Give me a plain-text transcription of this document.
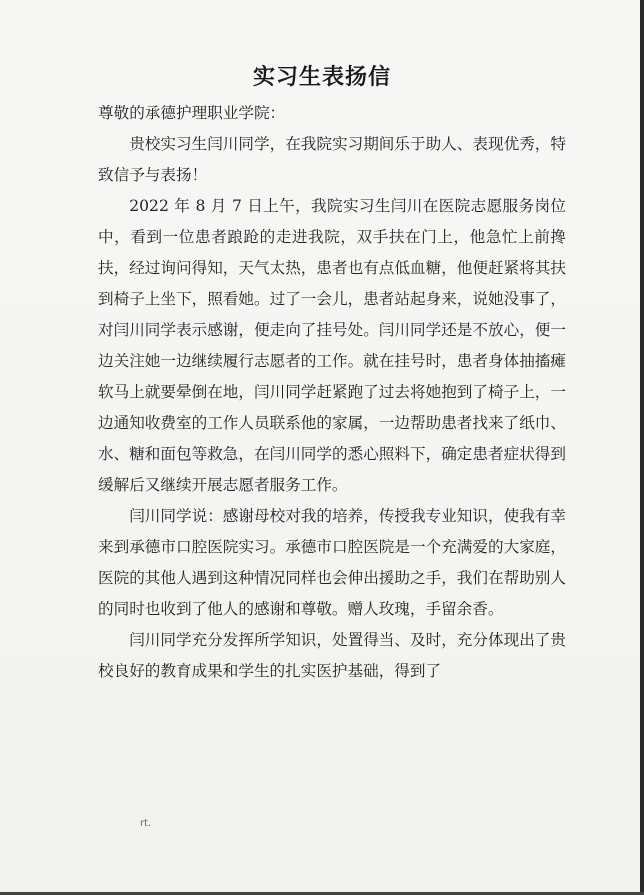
实习生表扬信

尊敬的承德护理职业学院：

贵校实习生闫川同学，在我院实习期间乐于助人、表现优秀，特致信予与表扬！

2022 年 8 月 7 日上午，我院实习生闫川在医院志愿服务岗位中，看到一位患者踉跄的走进我院，双手扶在门上，他急忙上前搀扶，经过询问得知，天气太热，患者也有点低血糖，他便赶紧将其扶到椅子上坐下，照看她。过了一会儿，患者站起身来，说她没事了，对闫川同学表示感谢，便走向了挂号处。闫川同学还是不放心，便一边关注她一边继续履行志愿者的工作。就在挂号时，患者身体抽搐瘫软马上就要晕倒在地，闫川同学赶紧跑了过去将她抱到了椅子上，一边通知收费室的工作人员联系他的家属，一边帮助患者找来了纸巾、水、糖和面包等救急，在闫川同学的悉心照料下，确定患者症状得到缓解后又继续开展志愿者服务工作。

闫川同学说：感谢母校对我的培养，传授我专业知识，使我有幸来到承德市口腔医院实习。承德市口腔医院是一个充满爱的大家庭，医院的其他人遇到这种情况同样也会伸出援助之手，我们在帮助别人的同时也收到了他人的感谢和尊敬。赠人玫瑰，手留余香。

闫川同学充分发挥所学知识，处置得当、及时，充分体现出了贵校良好的教育成果和学生的扎实医护基础，得到了

rt.
